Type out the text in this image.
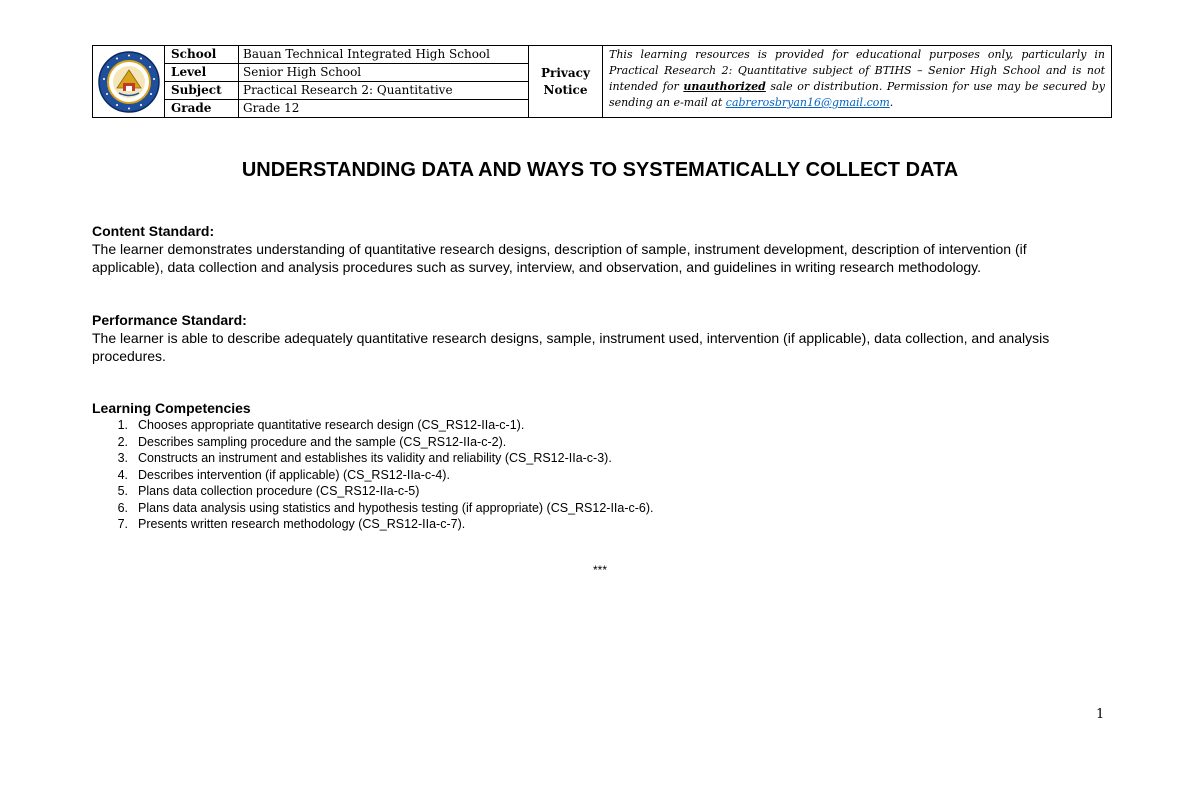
	School	Bauan Technical Integrated High School	Privacy Notice	This learning resources is provided for educational purposes only, particularly in Practical Research 2: Quantitative subject of BTIHS – Senior High School and is not intended for unauthorized sale or distribution. Permission for use may be secured by sending an e-mail at cabrerosbryan16@gmail.com.
	Level	Senior High School		
	Subject	Practical Research 2: Quantitative		
	Grade	Grade 12		
UNDERSTANDING DATA AND WAYS TO SYSTEMATICALLY COLLECT DATA
Content Standard:
The learner demonstrates understanding of quantitative research designs, description of sample, instrument development, description of intervention (if applicable), data collection and analysis procedures such as survey, interview, and observation, and guidelines in writing research methodology.
Performance Standard:
The learner is able to describe adequately quantitative research designs, sample, instrument used, intervention (if applicable), data collection, and analysis procedures.
Learning Competencies
1. Chooses appropriate quantitative research design (CS_RS12-IIa-c-1).
2. Describes sampling procedure and the sample (CS_RS12-IIa-c-2).
3. Constructs an instrument and establishes its validity and reliability (CS_RS12-IIa-c-3).
4. Describes intervention (if applicable) (CS_RS12-IIa-c-4).
5. Plans data collection procedure (CS_RS12-IIa-c-5)
6. Plans data analysis using statistics and hypothesis testing (if appropriate) (CS_RS12-IIa-c-6).
7. Presents written research methodology (CS_RS12-IIa-c-7).
***
1
